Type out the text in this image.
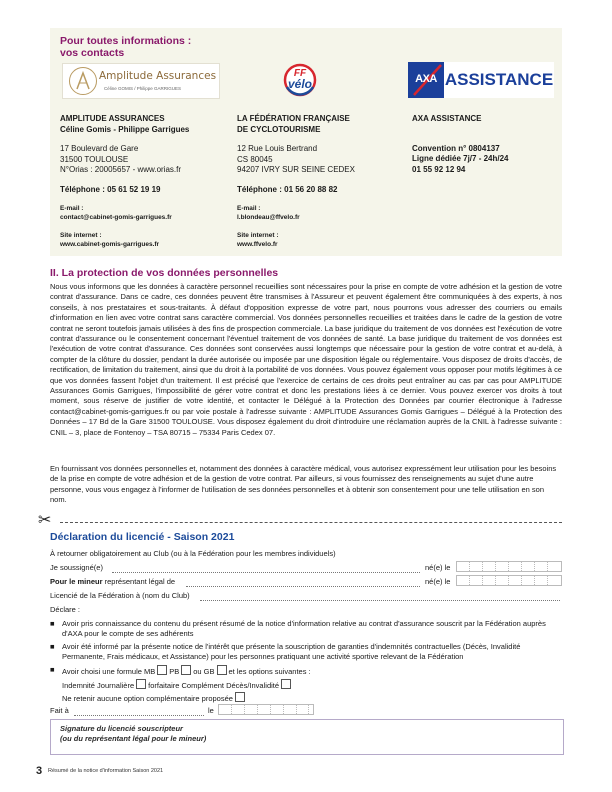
Pour toutes informations :
vos contacts
Amplitude Assurances
Céline GOMIS / Philippe GARRIGUES
FF
vélo	AXA ASSISTANCE
AMPLITUDE ASSURANCES
Céline Gomis - Philippe Garrigues
17 Boulevard de Gare
31500 TOULOUSE
N°Orias : 20005657 - www.orias.fr
Téléphone : 05 61 52 19 19
E-mail :
contact@cabinet-gomis-garrigues.fr
Site internet :
www.cabinet-gomis-garrigues.fr
LA FÉDÉRATION FRANÇAISE
DE CYCLOTOURISME
12 Rue Louis Bertrand
CS 80045
94207 IVRY SUR SEINE CEDEX
Téléphone : 01 56 20 88 82
E-mail :
l.blondeau@ffvelo.fr
Site internet :
www.ffvelo.fr
AXA ASSISTANCE
Convention n° 0804137
Ligne dédiée 7j/7 - 24h/24
01 55 92 12 94
II. La protection de vos données personnelles
Nous vous informons que les données à caractère personnel recueillies sont nécessaires pour la prise en compte de votre adhésion et la gestion de votre contrat d'assurance. Dans ce cadre, ces données peuvent être transmises à l'Assureur et peuvent également être communiquées à des experts, à nos conseils, à nos prestataires et sous-traitants. À défaut d'opposition expresse de votre part, nous pourrons vous adresser des courriers ou emails d'information en lien avec votre contrat sans caractère commercial. Vos données personnelles recueillies et traitées dans le cadre de la gestion de votre contrat ne seront toutefois jamais utilisées à des fins de prospection commerciale. La base juridique du traitement de vos données est l'exécution de votre contrat d'assurance ou le consentement concernant l'éventuel traitement de vos données de santé. La base juridique du traitement de vos données est l'exécution de votre contrat d'assurance. Ces données sont conservées aussi longtemps que nécessaire pour la gestion de votre contrat et au-delà, à compter de la clôture du dossier, pendant la durée autorisée ou imposée par une disposition légale ou réglementaire. Vous disposez de droits d'accès, de rectification, de limitation du traitement, ainsi que du droit à la portabilité de vos données. Vous pouvez également vous opposer pour motifs légitimes à ce que vos données fassent l'objet d'un traitement. Il est précisé que l'exercice de certains de ces droits peut entraîner au cas par cas pour AMPLITUDE Assurances Gomis Garrigues, l'impossibilité de gérer votre contrat et donc les prestations liées à ce dernier. Vous pouvez exercer vos droits à tout moment, sous réserve de justifier de votre identité, et contacter le Délégué à la Protection des Données par courrier électronique à l'adresse contact@cabinet-gomis-garrigues.fr ou par voie postale à l'adresse suivante : AMPLITUDE Assurances Gomis Garrigues – Délégué à la Protection des Données – 17 Bd de la Gare 31500 TOULOUSE. Vous disposez également du droit d'introduire une réclamation auprès de la CNIL à l'adresse suivante : CNIL – 3, place de Fontenoy – TSA 80715 – 75334 Paris Cedex 07.
En fournissant vos données personnelles et, notamment des données à caractère médical, vous autorisez expressément leur utilisation pour les besoins de la prise en compte de votre adhésion et de la gestion de votre contrat. Par ailleurs, si vous fournissez des renseignements au sujet d'une autre personne, vous vous engagez à l'informer de l'utilisation de ses données personnelles et à obtenir son consentement pour une telle utilisation en son nom.
✂
Déclaration du licencié - Saison 2021
À retourner obligatoirement au Club (ou à la Fédération pour les membres individuels)
Je soussigné(e)	né(e) le
Pour le mineur représentant légal de	né(e) le
Licencié de la Fédération à (nom du Club)
Déclare :
■ Avoir pris connaissance du contenu du présent résumé de la notice d'information relative au contrat d'assurance souscrit par la Fédération auprès d'AXA pour le compte de ses adhérents
■ Avoir été informé par la présente notice de l'intérêt que présente la souscription de garanties d'indemnités contractuelles (Décès, Invalidité Permanente, Frais médicaux, et Assistance) pour les personnes pratiquant une activité sportive relevant de la Fédération
■ Avoir choisi une formule MB PB ou GB et les options suivantes :
Indemnité Journalière forfaitaire Complément Décès/Invalidité
Ne retenir aucune option complémentaire proposée
Fait à	le
Signature du licencié souscripteur
(ou du représentant légal pour le mineur)
3 Résumé de la notice d'information Saison 2021
